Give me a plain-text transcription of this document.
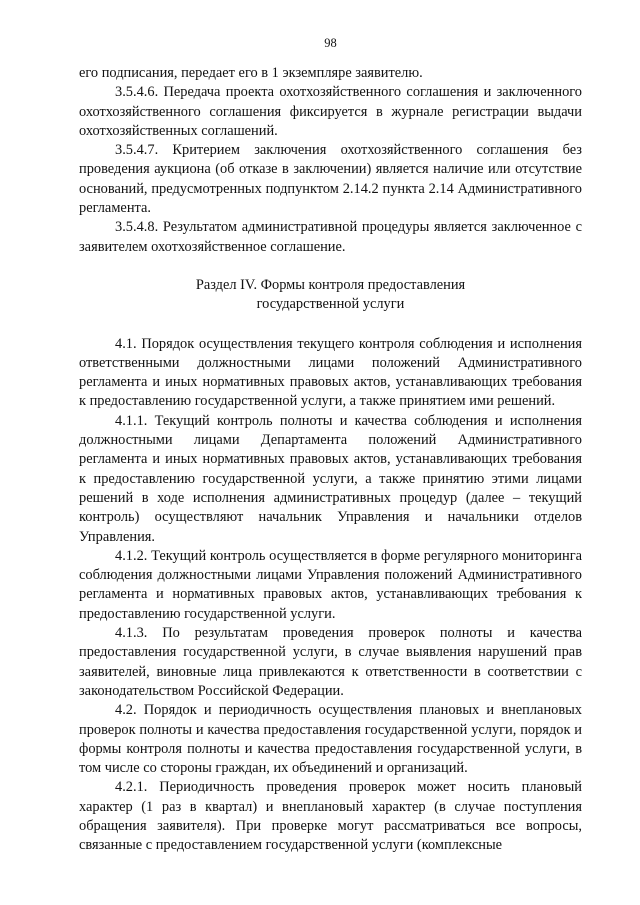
98

его подписания, передает его в 1 экземпляре заявителю.

3.5.4.6. Передача проекта охотхозяйственного соглашения и заключенного охотхозяйственного соглашения фиксируется в журнале регистрации выдачи охотхозяйственных соглашений.

3.5.4.7. Критерием заключения охотхозяйственного соглашения без проведения аукциона (об отказе в заключении) является наличие или отсутствие оснований, предусмотренных подпунктом 2.14.2 пункта 2.14 Административного регламента.

3.5.4.8. Результатом административной процедуры является заключенное с заявителем охотхозяйственное соглашение.

Раздел IV. Формы контроля предоставления
государственной услуги

4.1. Порядок осуществления текущего контроля соблюдения и исполнения ответственными должностными лицами положений Административного регламента и иных нормативных правовых актов, устанавливающих требования к предоставлению государственной услуги, а также принятием ими решений.

4.1.1. Текущий контроль полноты и качества соблюдения и исполнения должностными лицами Департамента положений Административного регламента и иных нормативных правовых актов, устанавливающих требования к предоставлению государственной услуги, а также принятию этими лицами решений в ходе исполнения административных процедур (далее – текущий контроль) осуществляют начальник Управления и начальники отделов Управления.

4.1.2. Текущий контроль осуществляется в форме регулярного мониторинга соблюдения должностными лицами Управления положений Административного регламента и нормативных правовых актов, устанавливающих требования к предоставлению государственной услуги.

4.1.3. По результатам проведения проверок полноты и качества предоставления государственной услуги, в случае выявления нарушений прав заявителей, виновные лица привлекаются к ответственности в соответствии с законодательством Российской Федерации.

4.2. Порядок и периодичность осуществления плановых и внеплановых проверок полноты и качества предоставления государственной услуги, порядок и формы контроля полноты и качества предоставления государственной услуги, в том числе со стороны граждан, их объединений и организаций.

4.2.1. Периодичность проведения проверок может носить плановый характер (1 раз в квартал) и внеплановый характер (в случае поступления обращения заявителя). При проверке могут рассматриваться все вопросы, связанные с предоставлением государственной услуги (комплексные
